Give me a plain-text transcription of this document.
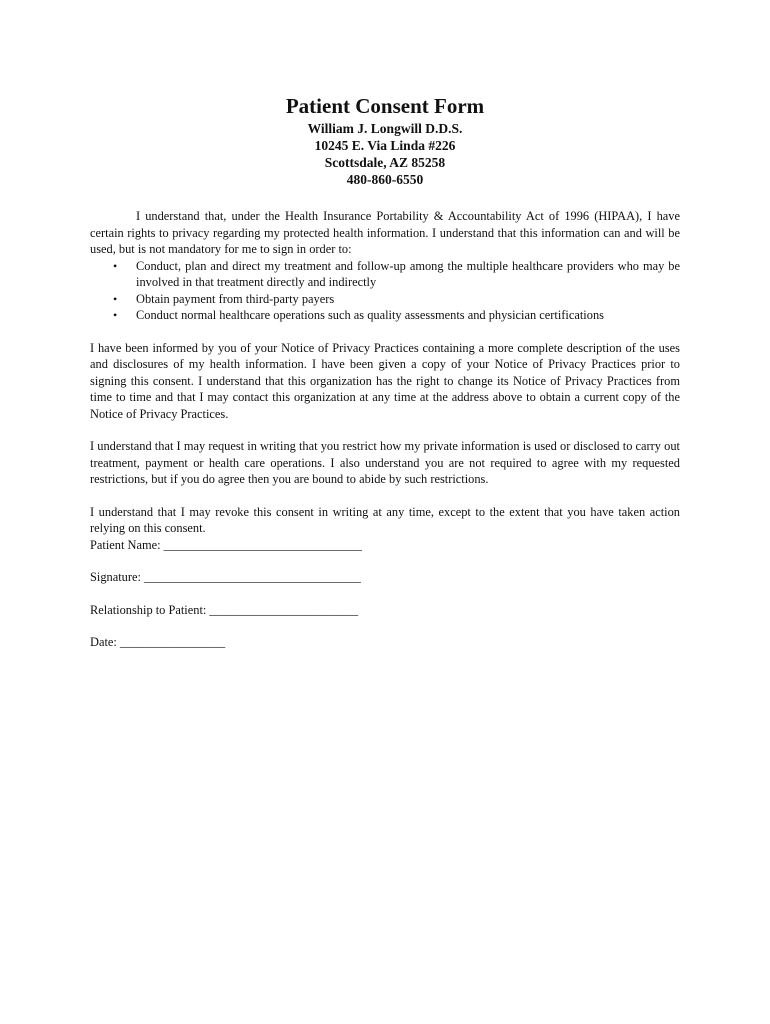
Patient Consent Form

William J. Longwill D.D.S.

10245 E. Via Linda #226

Scottsdale, AZ 85258

480-860-6550

I understand that, under the Health Insurance Portability & Accountability Act of 1996 (HIPAA), I have certain rights to privacy regarding my protected health information. I understand that this information can and will be used, but is not mandatory for me to sign in order to:

• Conduct, plan and direct my treatment and follow-up among the multiple healthcare providers who may be involved in that treatment directly and indirectly
• Obtain payment from third-party payers
• Conduct normal healthcare operations such as quality assessments and physician certifications

I have been informed by you of your Notice of Privacy Practices containing a more complete description of the uses and disclosures of my health information. I have been given a copy of your Notice of Privacy Practices prior to signing this consent. I understand that this organization has the right to change its Notice of Privacy Practices from time to time and that I may contact this organization at any time at the address above to obtain a current copy of the Notice of Privacy Practices.

I understand that I may request in writing that you restrict how my private information is used or disclosed to carry out treatment, payment or health care operations. I also understand you are not required to agree with my requested restrictions, but if you do agree then you are bound to abide by such restrictions.

I understand that I may revoke this consent in writing at any time, except to the extent that you have taken action relying on this consent.

Patient Name: ________________________________

Signature: ___________________________________

Relationship to Patient: ________________________

Date: _________________
